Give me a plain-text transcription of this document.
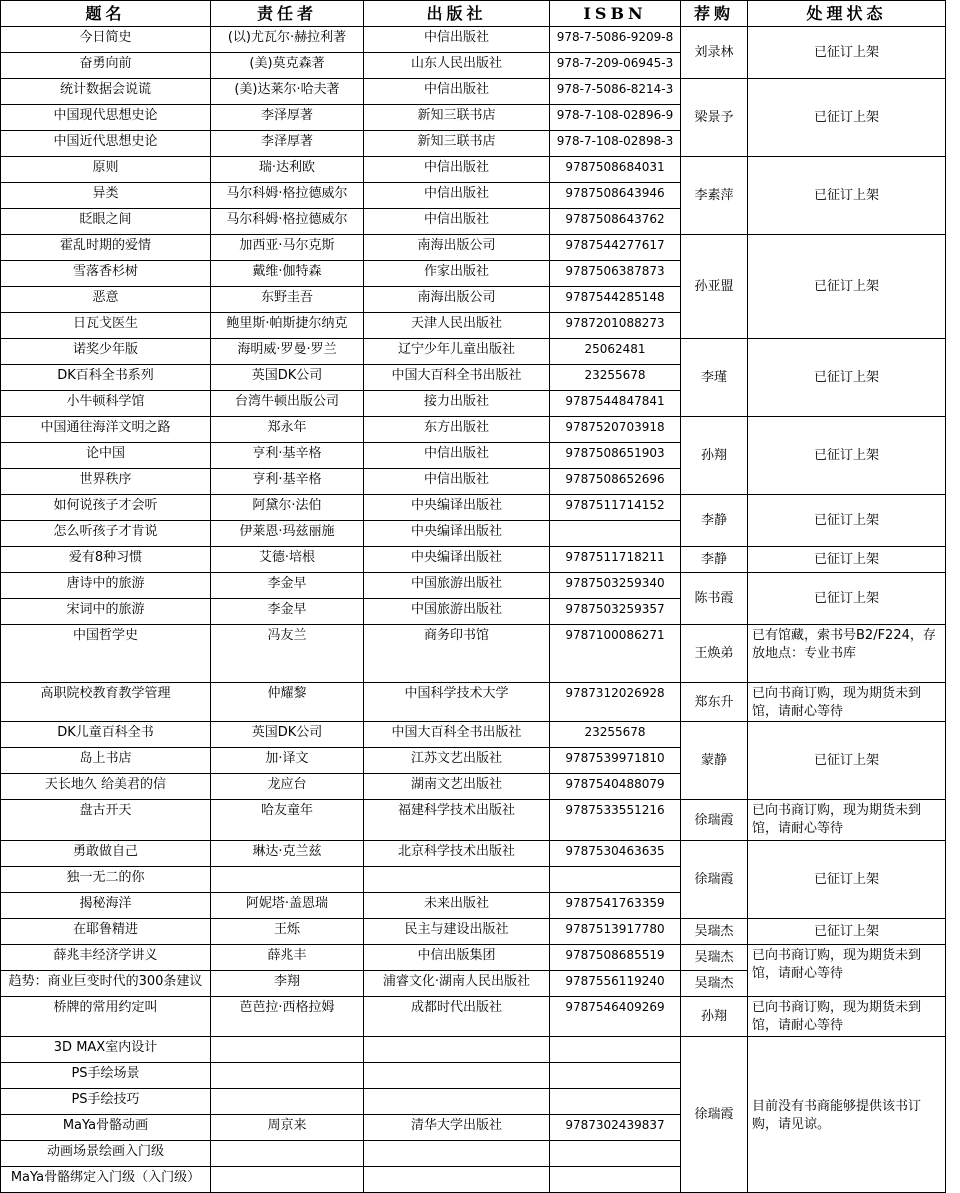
题名	责任者	出版社	ISBN	荐购	处理状态
今日简史	(以)尤瓦尔·赫拉利著	中信出版社	978-7-5086-9209-8	刘录林	已征订上架
奋勇向前	(美)莫克森著	山东人民出版社	978-7-209-06945-3		
统计数据会说谎	(美)达莱尔·哈夫著	中信出版社	978-7-5086-8214-3	梁景予	已征订上架
中国现代思想史论	李泽厚著	新知三联书店	978-7-108-02896-9		
中国近代思想史论	李泽厚著	新知三联书店	978-7-108-02898-3		
原则	瑞·达利欧	中信出版社	9787508684031	李素萍	已征订上架
异类	马尔科姆·格拉德威尔	中信出版社	9787508643946		
眨眼之间	马尔科姆·格拉德威尔	中信出版社	9787508643762		
霍乱时期的爱情	加西亚·马尔克斯	南海出版公司	9787544277617	孙亚盟	已征订上架
雪落香杉树	戴维·伽特森	作家出版社	9787506387873		
恶意	东野圭吾	南海出版公司	9787544285148		
日瓦戈医生	鲍里斯·帕斯捷尔纳克	天津人民出版社	9787201088273		
诺奖少年版	海明威·罗曼·罗兰	辽宁少年儿童出版社	25062481	李瑾	已征订上架
DK百科全书系列	英国DK公司	中国大百科全书出版社	23255678		
小牛顿科学馆	台湾牛顿出版公司	接力出版社	9787544847841		
中国通往海洋文明之路	郑永年	东方出版社	9787520703918	孙翔	已征订上架
论中国	亨利·基辛格	中信出版社	9787508651903		
世界秩序	亨利·基辛格	中信出版社	9787508652696		
如何说孩子才会听	阿黛尔·法伯	中央编译出版社	9787511714152	李静	已征订上架
怎么听孩子才肯说	伊莱恩·玛兹丽施	中央编译出版社			
爱有8种习惯	艾德·培根	中央编译出版社	9787511718211	李静	已征订上架
唐诗中的旅游	李金早	中国旅游出版社	9787503259340	陈书霞	已征订上架
宋词中的旅游	李金早	中国旅游出版社	9787503259357		
中国哲学史	冯友兰	商务印书馆	9787100086271	王焕弟	已有馆藏，索书号B2/F224，存放地点：专业书库
高职院校教育教学管理	仲耀黎	中国科学技术大学	9787312026928	郑东升	已向书商订购，现为期货未到馆，请耐心等待
DK儿童百科全书	英国DK公司	中国大百科全书出版社	23255678	蒙静	已征订上架
岛上书店	加·译文	江苏文艺出版社	9787539971810		
天长地久 给美君的信	龙应台	湖南文艺出版社	9787540488079		
盘古开天	哈友童年	福建科学技术出版社	9787533551216	徐瑞霞	已向书商订购，现为期货未到馆，请耐心等待
勇敢做自己	琳达·克兰兹	北京科学技术出版社	9787530463635	徐瑞霞	已征订上架
独一无二的你					
揭秘海洋	阿妮塔·盖恩瑞	未来出版社	9787541763359		
在耶鲁精进	王烁	民主与建设出版社	9787513917780	吴瑞杰	已征订上架
薛兆丰经济学讲义	薛兆丰	中信出版集团	9787508685519	吴瑞杰	已向书商订购，现为期货未到馆，请耐心等待
趋势：商业巨变时代的300条建议	李翔	浦睿文化·湖南人民出版社	9787556119240	吴瑞杰	
桥牌的常用约定叫	芭芭拉·西格拉姆	成都时代出版社	9787546409269	孙翔	已向书商订购，现为期货未到馆，请耐心等待
3D MAX室内设计				徐瑞霞	目前没有书商能够提供该书订购，请见谅。
PS手绘场景					
PS手绘技巧					
MaYa骨骼动画	周京来	清华大学出版社	9787302439837		
动画场景绘画入门级					
MaYa骨骼绑定入门级（入门级）					
